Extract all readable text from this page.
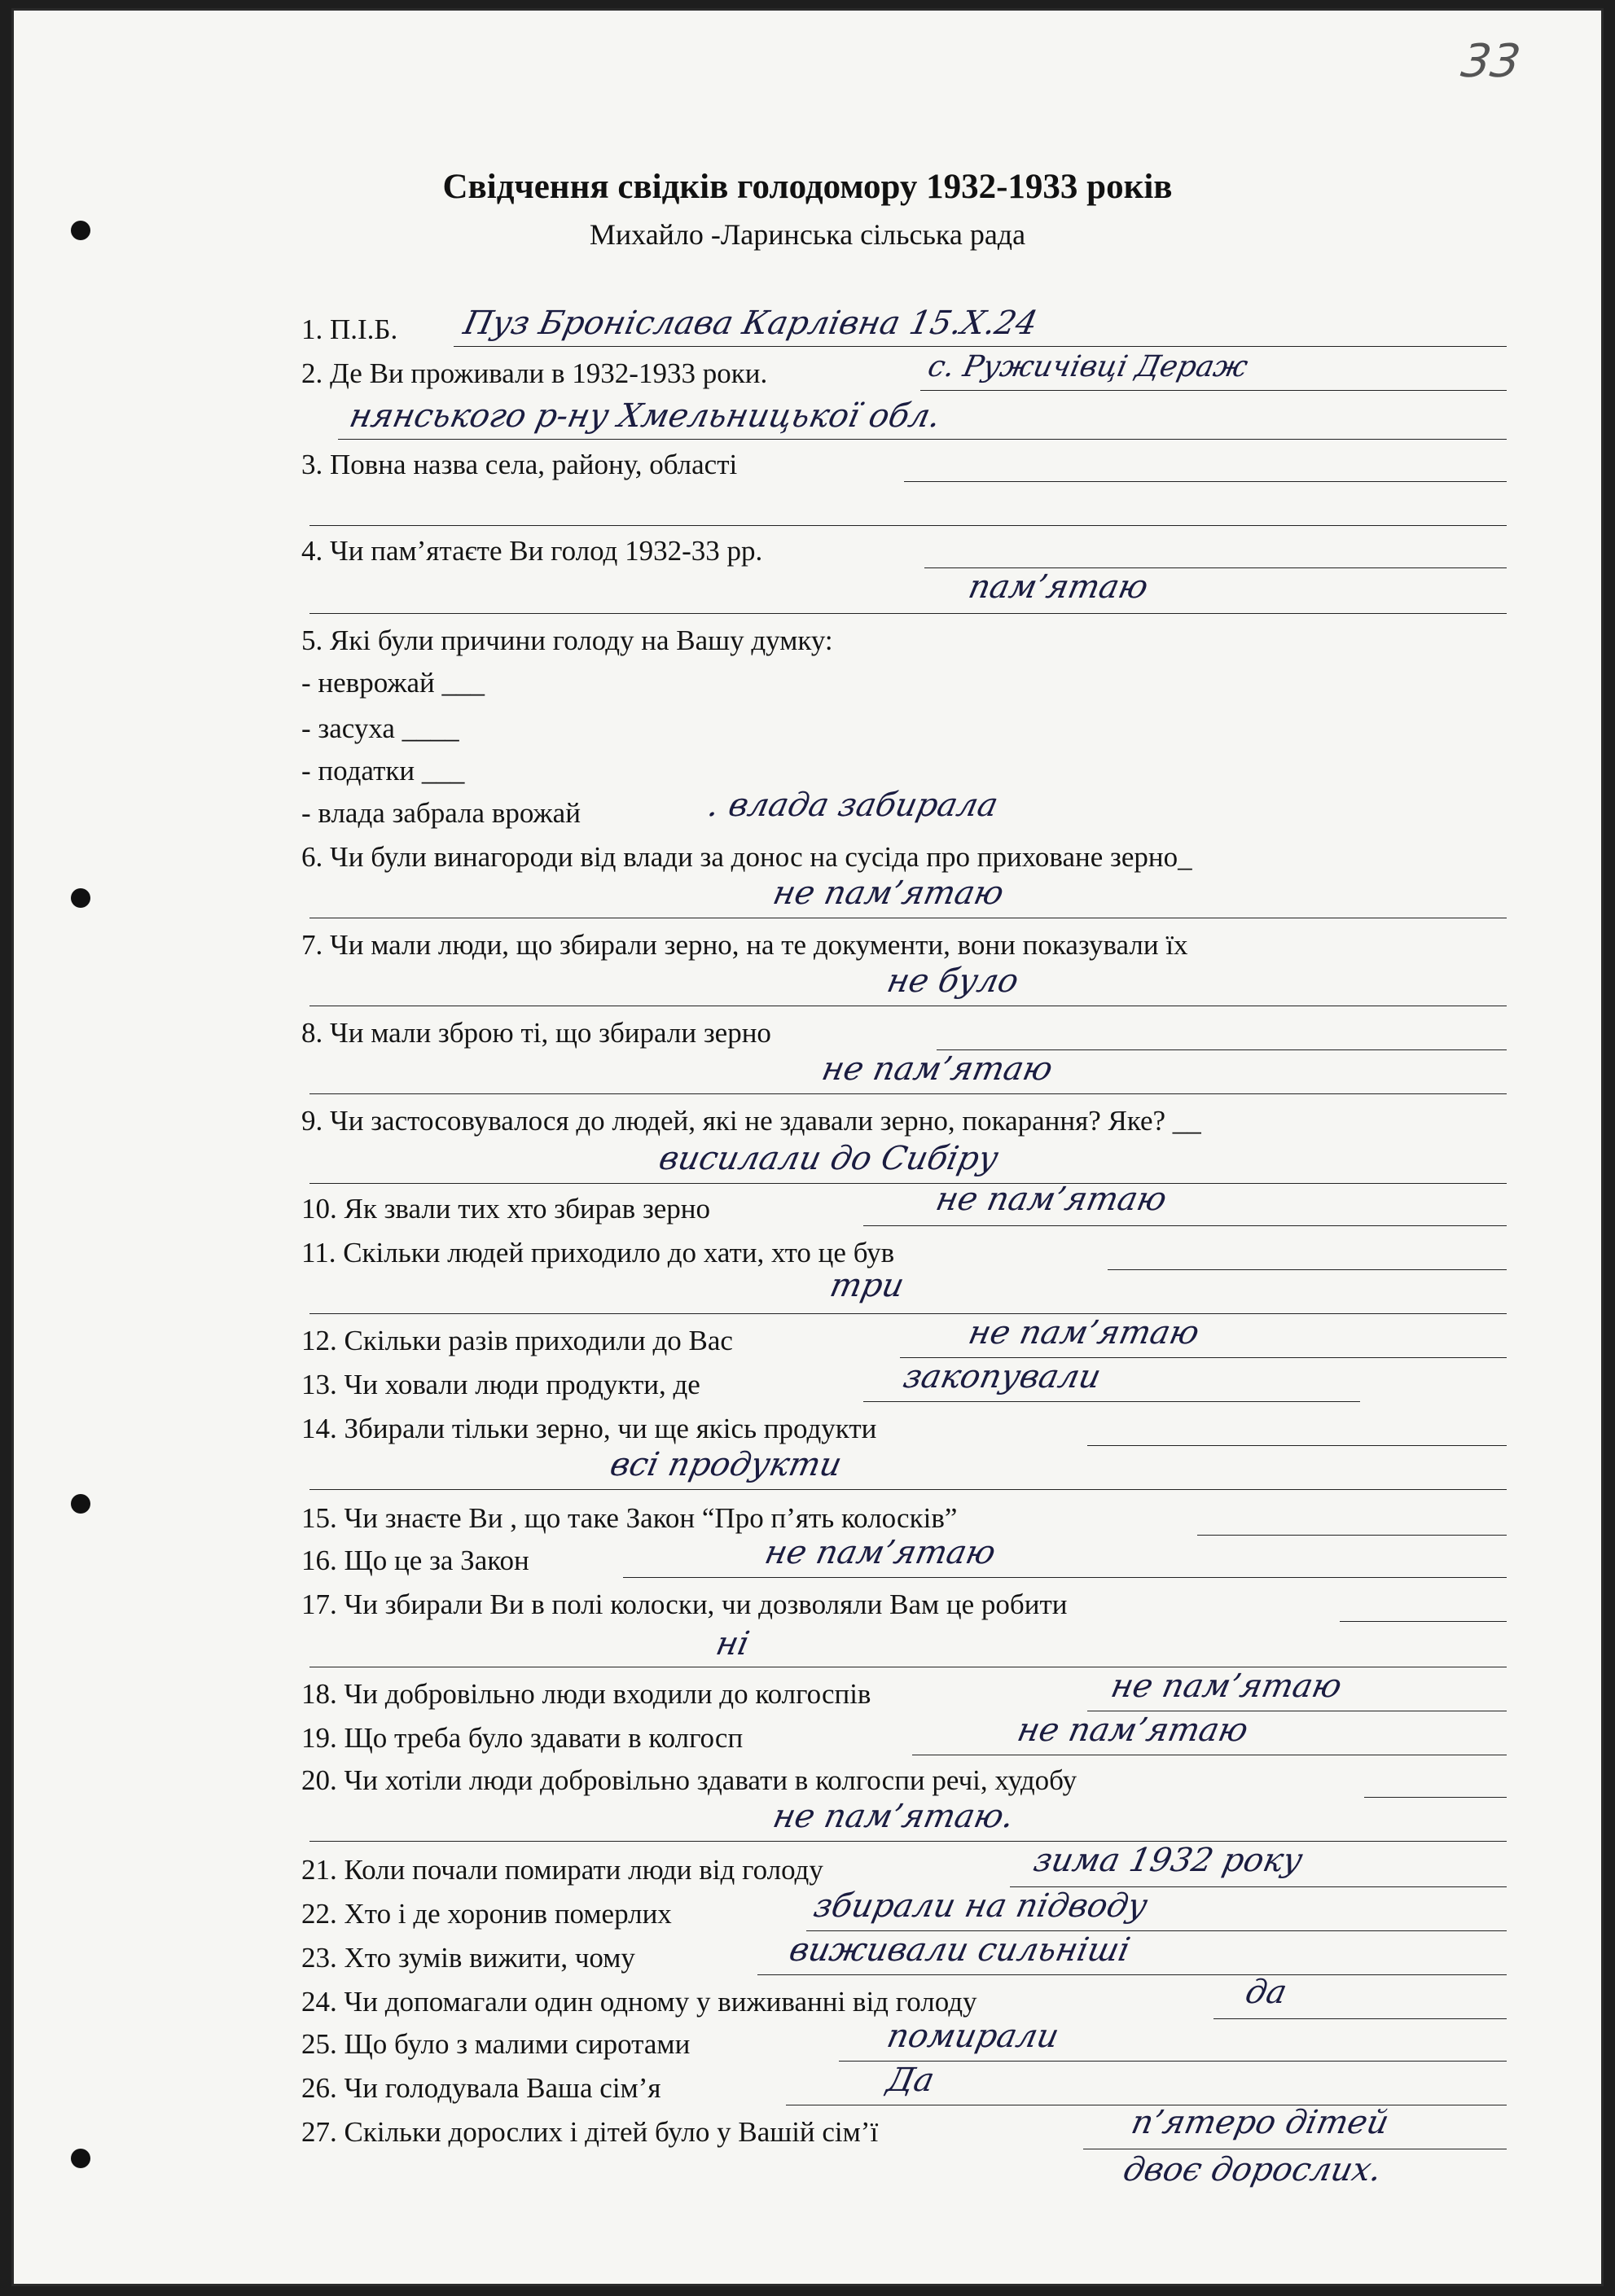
33
Свідчення свідків голодомору 1932-1933 років
Михайло -Ларинська сільська рада
1. П.І.Б. Пуз Броніслава Карлівна 15.Х.24
2. Де Ви проживали в 1932-1933 роки.	с. Ружичівці Дераж
нянського р-ну Хмельницької обл.
3. Повна назва села, району, області
4. Чи пам’ятаєте Ви голод 1932-33 рр.
пам’ятаю
5. Які були причини голоду на Вашу думку:
- неврожай ___
- засуха ____
- податки ___
- влада забрала врожай	. влада забирала
6. Чи були винагороди від влади за донос на сусіда про приховане зерно_
не пам’ятаю
7. Чи мали люди, що збирали зерно, на те документи, вони показували їх
не було
8. Чи мали зброю ті, що збирали зерно
не пам’ятаю
9. Чи застосовувалося до людей, які не здавали зерно, покарання? Яке? __
висилали до Сибіру
10. Як звали тих хто збирав зерно	не пам’ятаю
11. Скільки людей приходило до хати, хто це був
три
12. Скільки разів приходили до Вас	не пам’ятаю
13. Чи ховали люди продукти, де	закопували
14. Збирали тільки зерно, чи ще якісь продукти
всі продукти
15. Чи знаєте Ви , що таке Закон “Про п’ять колосків”
16. Що це за Закон	не пам’ятаю
17. Чи збирали Ви в полі колоски, чи дозволяли Вам це робити
ні
18. Чи добровільно люди входили до колгоспів	не пам’ятаю
19. Що треба було здавати в колгосп	не пам’ятаю
20. Чи хотіли люди добровільно здавати в колгоспи речі, худобу
не пам’ятаю.
21. Коли почали помирати люди від голоду	зима 1932 року
22. Хто і де хоронив померлих	збирали на підводу
23. Хто зумів вижити, чому	виживали сильніші
24. Чи допомагали один одному у виживанні від голоду	да
25. Що було з малими сиротами	помирали
26. Чи голодувала Ваша сім’я	Да
27. Скільки дорослих і дітей було у Вашій сім’ї	п’ятеро дітей
двоє дорослих.
